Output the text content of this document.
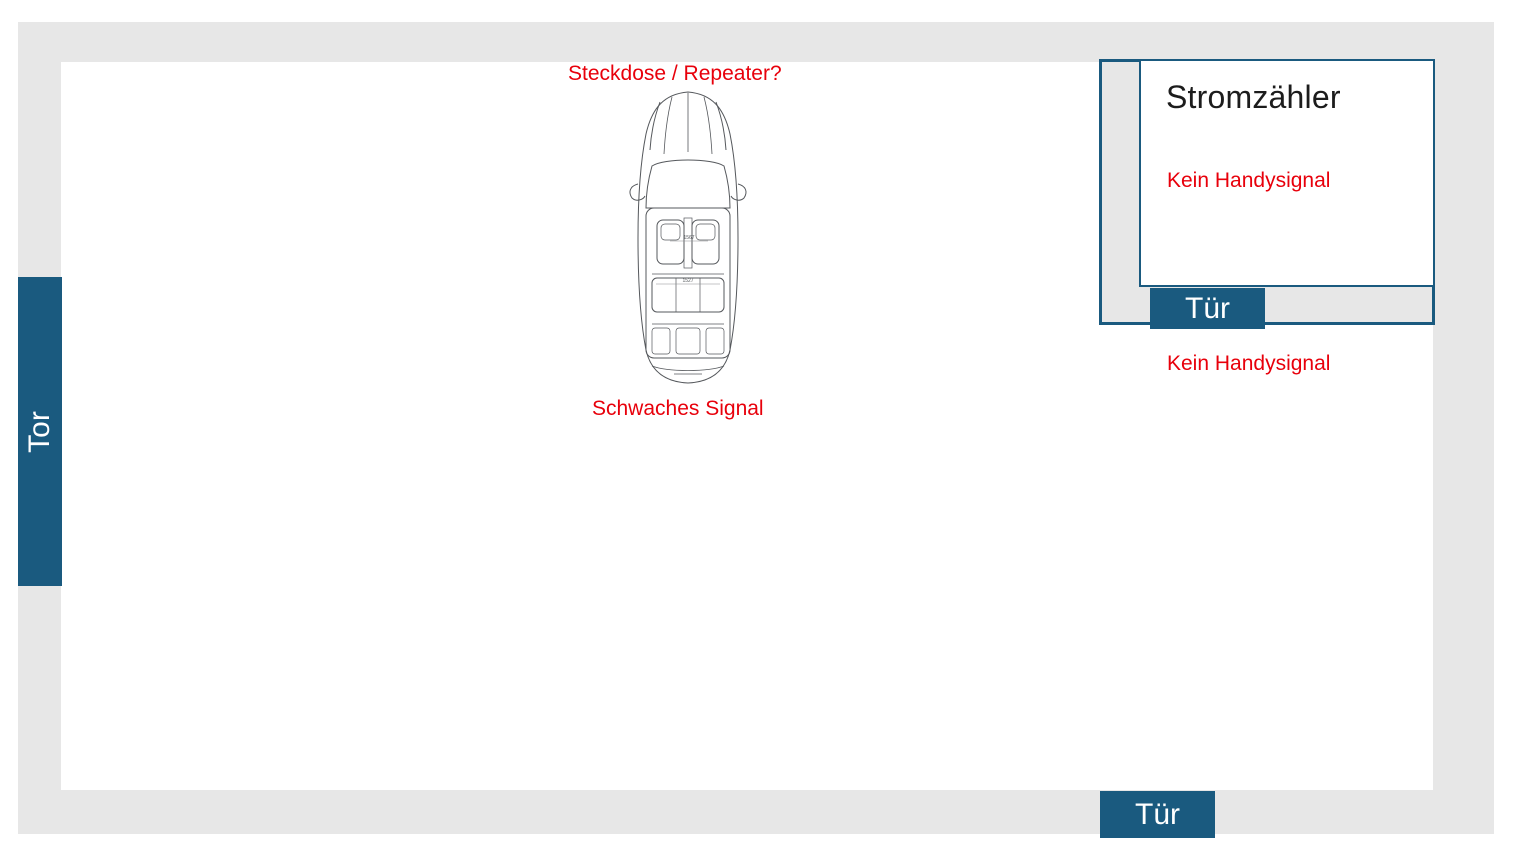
1567
1527
Steckdose / Repeater?
Schwaches Signal
Stromzähler
Kein Handysignal
Kein Handysignal
Tür
Tür
Tor
